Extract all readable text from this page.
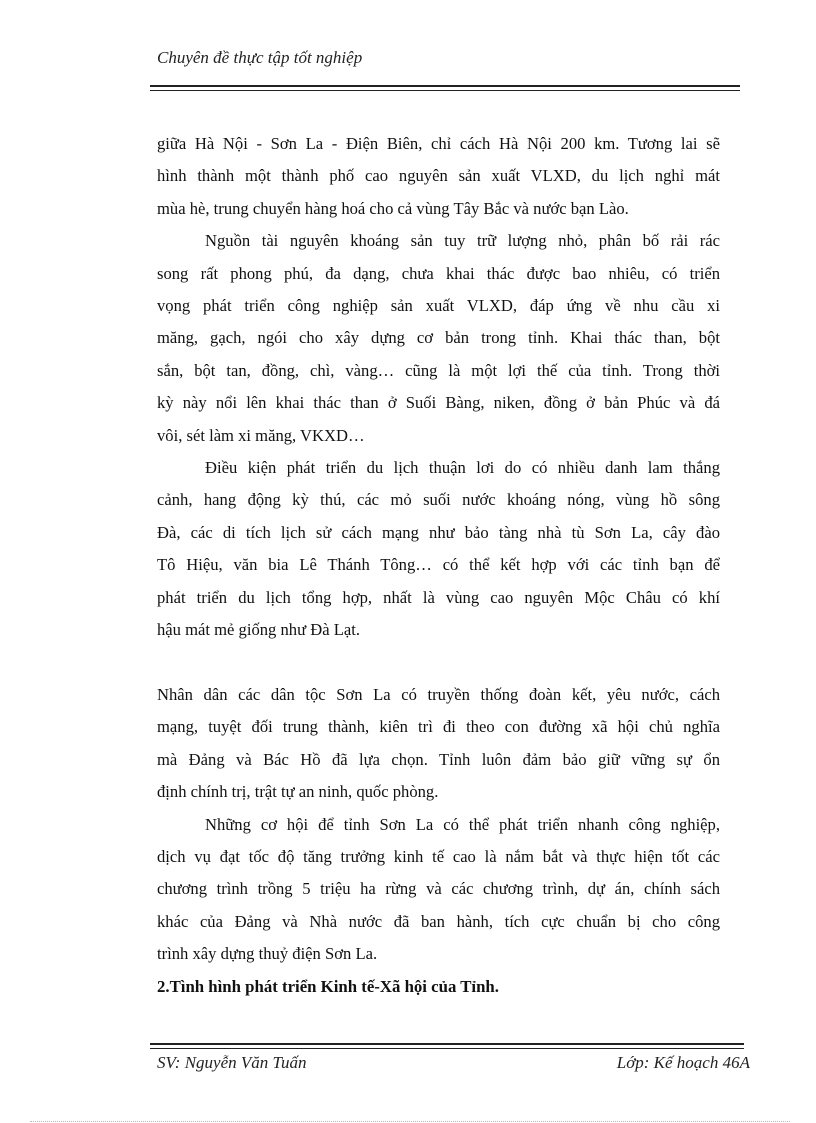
Chuyên đề thực tập tốt nghiệp
giữa Hà Nội - Sơn La - Điện Biên, chỉ cách Hà Nội 200 km. Tương lai sẽ
hình thành một thành phố cao nguyên sản xuất VLXD, du lịch nghỉ mát
mùa hè, trung chuyển hàng hoá cho cả vùng Tây Bắc và nước bạn Lào.
Nguồn tài nguyên khoáng sản tuy trữ lượng nhỏ, phân bố rải rác
song rất phong phú, đa dạng, chưa khai thác được bao nhiêu, có triển
vọng phát triển công nghiệp sản xuất VLXD, đáp ứng về nhu cầu xi
măng, gạch, ngói cho xây dựng cơ bản trong tỉnh. Khai thác than, bột
sắn, bột tan, đồng, chì, vàng… cũng là một lợi thế của tỉnh. Trong thời
kỳ này nổi lên khai thác than ở Suối Bàng, niken, đồng ở bản Phúc và đá
vôi, sét làm xi măng, VKXD…
Điều kiện phát triển du lịch thuận lơi do có nhiều danh lam thắng
cảnh, hang động kỳ thú, các mỏ suối nước khoáng nóng, vùng hồ sông
Đà, các di tích lịch sử cách mạng như bảo tàng nhà tù Sơn La, cây đào
Tô Hiệu, văn bia Lê Thánh Tông… có thể kết hợp với các tỉnh bạn để
phát triển du lịch tổng hợp, nhất là vùng cao nguyên Mộc Châu có khí
hậu mát mẻ giống như Đà Lạt.
Nhân dân các dân tộc Sơn La có truyền thống đoàn kết, yêu nước, cách
mạng, tuyệt đối trung thành, kiên trì đi theo con đường xã hội chủ nghĩa
mà Đảng và Bác Hồ đã lựa chọn. Tỉnh luôn đảm bảo giữ vững sự ổn
định chính trị, trật tự an ninh, quốc phòng.
Những cơ hội để tỉnh Sơn La có thể phát triển nhanh công nghiệp,
dịch vụ đạt tốc độ tăng trưởng kinh tế cao là nắm bắt và thực hiện tốt các
chương trình trồng 5 triệu ha rừng và các chương trình, dự án, chính sách
khác của Đảng và Nhà nước đã ban hành, tích cực chuẩn bị cho công
trình xây dựng thuỷ điện Sơn La.
2.Tình hình phát triển Kinh tế-Xã hội của Tỉnh.
SV: Nguyễn Văn Tuấn	Lớp: Kế hoạch 46A
